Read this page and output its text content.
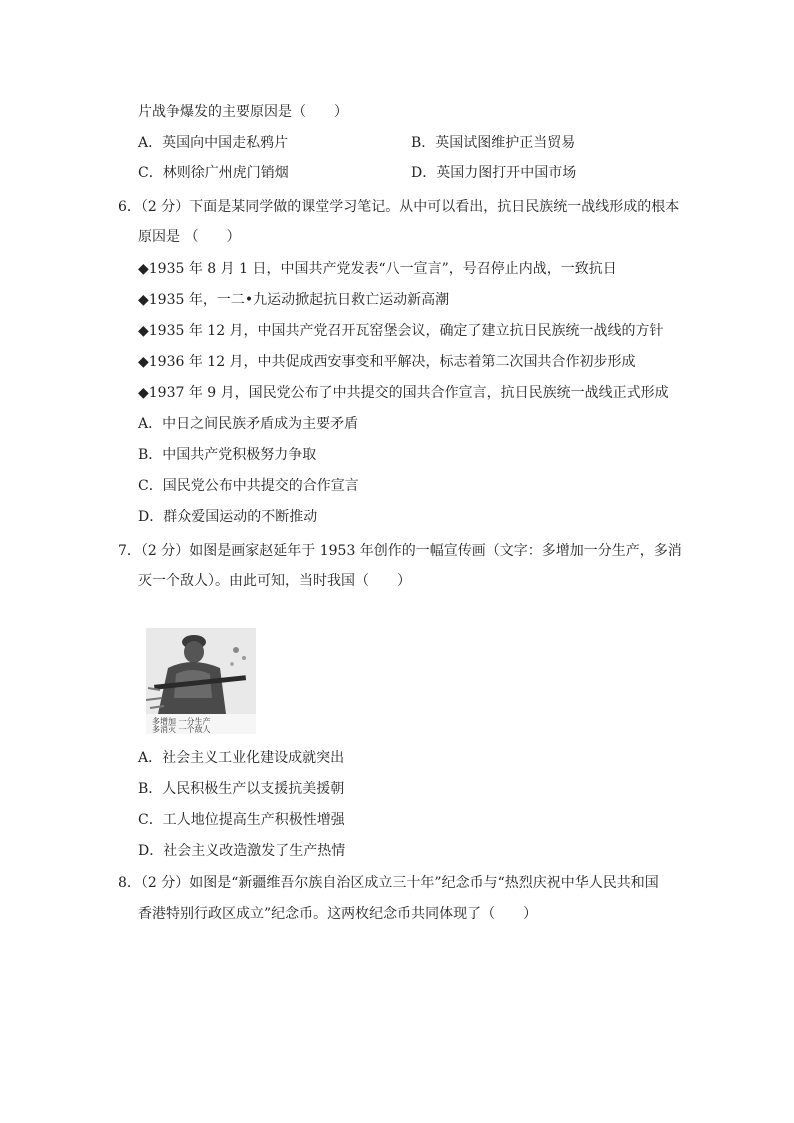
片战争爆发的主要原因是（　　）
A．英国向中国走私鸦片	B．英国试图维护正当贸易
C．林则徐广州虎门销烟	D．英国力图打开中国市场
6．（2 分）下面是某同学做的课堂学习笔记。从中可以看出，抗日民族统一战线形成的根本
原因是 （　　）
◆1935 年 8 月 1 日，中国共产党发表“八一宣言”，号召停止内战，一致抗日
◆1935 年，一二•九运动掀起抗日救亡运动新高潮
◆1935 年 12 月，中国共产党召开瓦窑堡会议，确定了建立抗日民族统一战线的方针
◆1936 年 12 月，中共促成西安事变和平解决，标志着第二次国共合作初步形成
◆1937 年 9 月，国民党公布了中共提交的国共合作宣言，抗日民族统一战线正式形成
A．中日之间民族矛盾成为主要矛盾
B．中国共产党积极努力争取
C．国民党公布中共提交的合作宣言
D．群众爱国运动的不断推动
7．（2 分）如图是画家赵延年于 1953 年创作的一幅宣传画（文字：多增加一分生产，多消
灭一个敌人）。由此可知，当时我国（　　）
多增加 一分生产
多消灭 一个敌人
A．社会主义工业化建设成就突出
B．人民积极生产以支援抗美援朝
C．工人地位提高生产积极性增强
D．社会主义改造激发了生产热情
8．（2 分）如图是“新疆维吾尔族自治区成立三十年”纪念币与“热烈庆祝中华人民共和国
香港特别行政区成立”纪念币。这两枚纪念币共同体现了（　　）
